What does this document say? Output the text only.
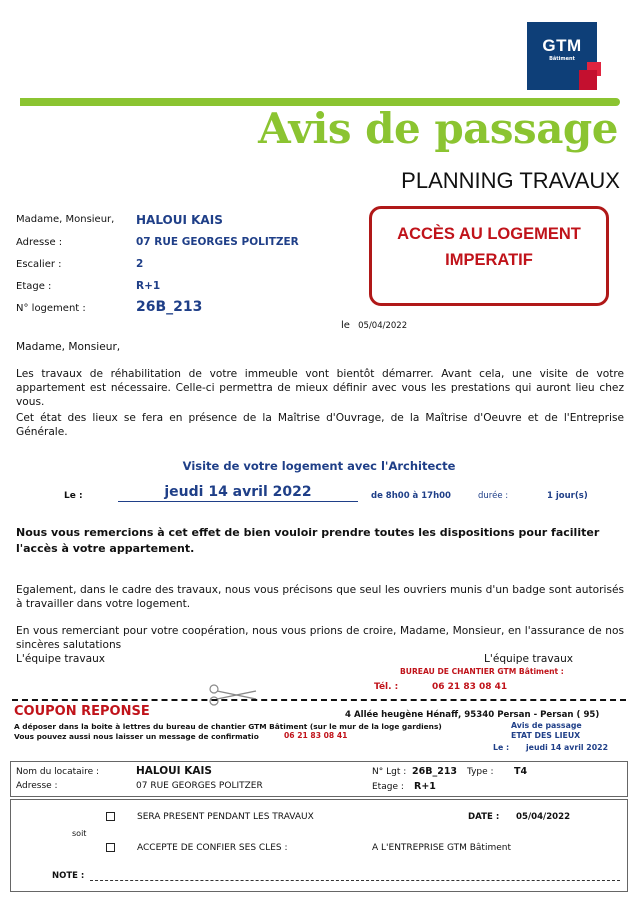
GTM
Bâtiment
Avis de passage
PLANNING TRAVAUX
Madame, Monsieur, HALOUI KAIS
Adresse :	07 RUE GEORGES POLITZER
Escalier :	2
Etage :	R+1
N° logement :	26B_213
ACCÈS AU LOGEMENT
IMPERATIF
le 05/04/2022
Madame, Monsieur,
Les travaux de réhabilitation de votre immeuble vont bientôt démarrer. Avant cela, une visite de votre appartement est nécessaire. Celle-ci permettra de mieux définir avec vous les prestations qui auront lieu chez vous.
Cet état des lieux se fera en présence de la Maîtrise d'Ouvrage, de la Maîtrise d'Oeuvre et de l'Entreprise Générale.
Visite de votre logement avec l'Architecte
Le :	jeudi 14 avril 2022	de 8h00 à 17h00	durée :	1 jour(s)
Nous vous remercions à cet effet de bien vouloir prendre toutes les dispositions pour faciliter l'accès à votre appartement.
Egalement, dans le cadre des travaux, nous vous précisons que seul les ouvriers munis d'un badge sont autorisés à travailler dans votre logement.
En vous remerciant pour votre coopération, nous vous prions de croire, Madame, Monsieur, en l'assurance de nos sincères salutations
L'équipe travaux	L'équipe travaux
BUREAU DE CHANTIER GTM Bâtiment :
Tél. :	06 21 83 08 41
COUPON REPONSE	4 Allée heugène Hénaff, 95340 Persan - Persan ( 95)
A déposer dans la boite à lettres du bureau de chantier GTM Bâtiment (sur le mur de la loge gardiens)
Vous pouvez aussi nous laisser un message de confirmatio	06 21 83 08 41
Avis de passage
ETAT DES LIEUX
Le : jeudi 14 avril 2022
Nom du locataire :	HALOUI KAIS
Adresse :	07 RUE GEORGES POLITZER
N° Lgt : 26B_213 Type : T4
Etage : R+1
SERA PRESENT PENDANT LES TRAVAUX	DATE : 05/04/2022
soit
ACCEPTE DE CONFIER SES CLES :	A L'ENTREPRISE GTM Bâtiment
NOTE :
